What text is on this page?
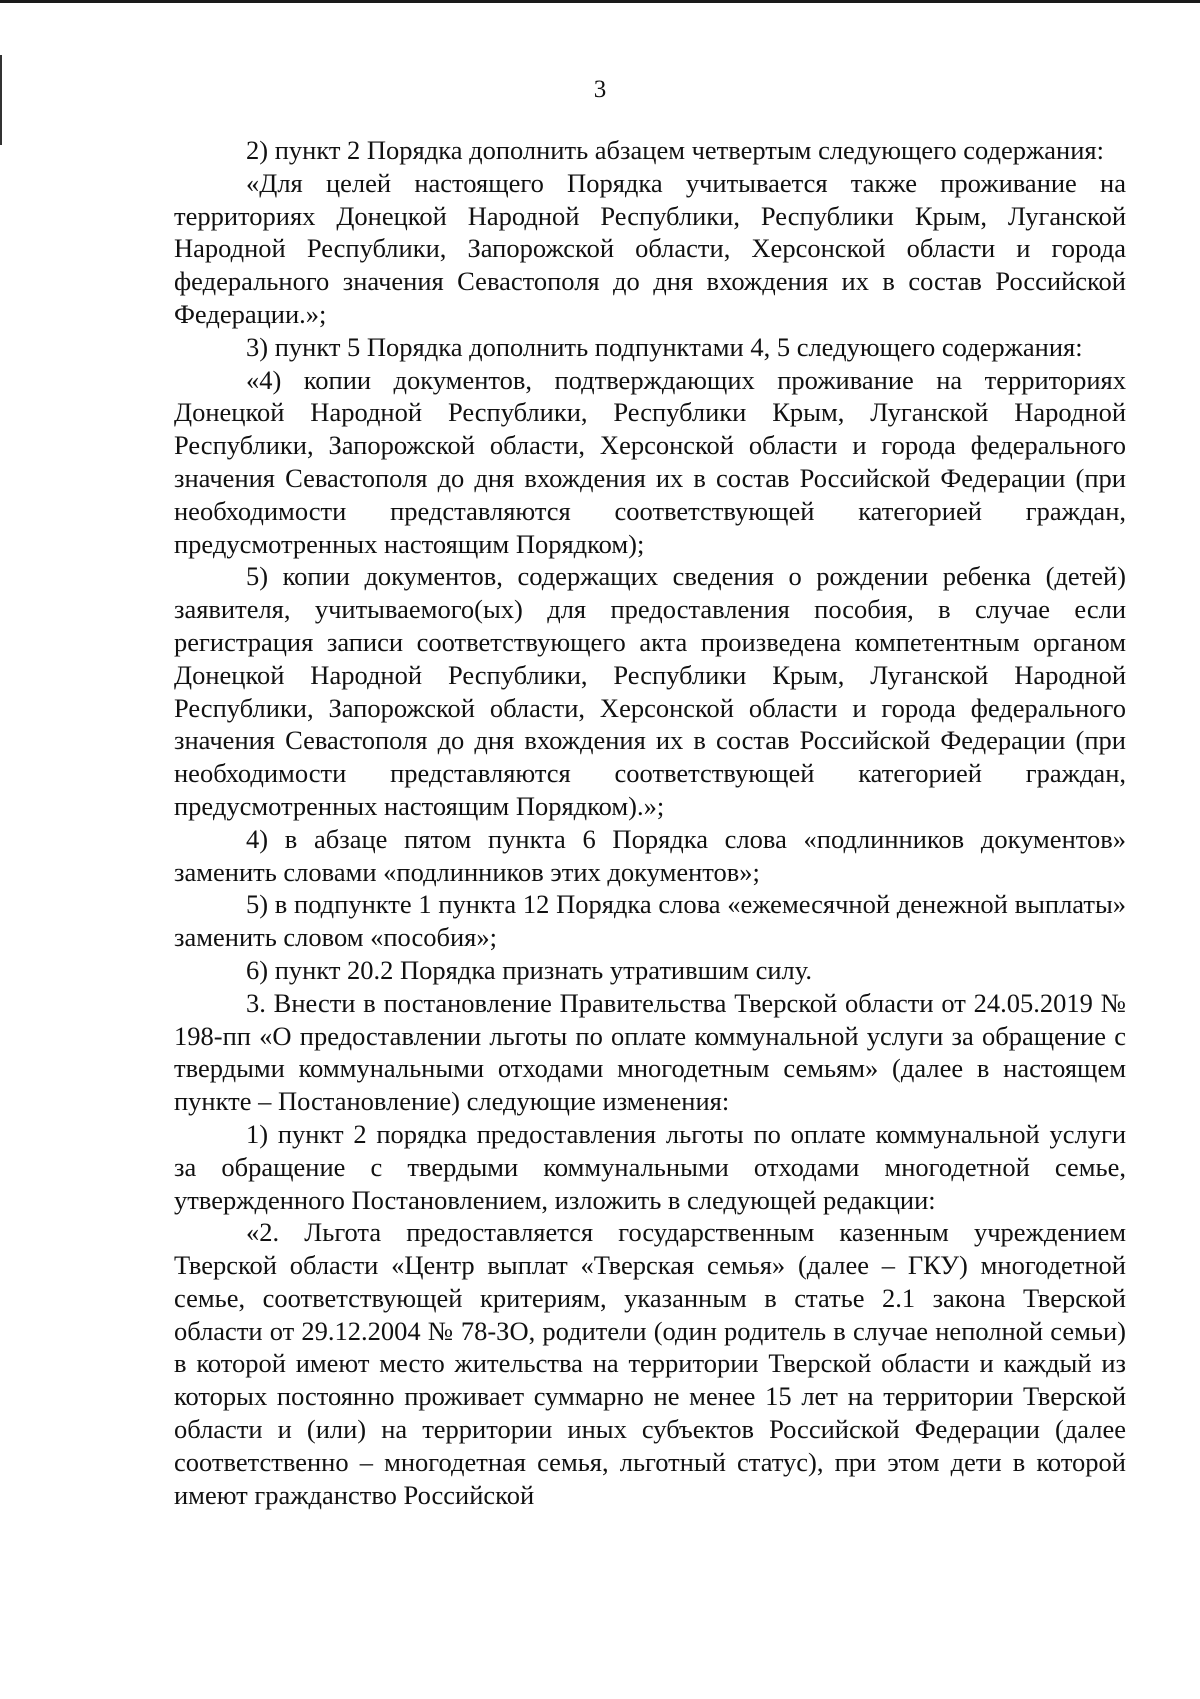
3

2) пункт 2 Порядка дополнить абзацем четвертым следующего содержания:

«Для целей настоящего Порядка учитывается также проживание на территориях Донецкой Народной Республики, Республики Крым, Луганской Народной Республики, Запорожской области, Херсонской области и города федерального значения Севастополя до дня вхождения их в состав Российской Федерации.»;

3) пункт 5 Порядка дополнить подпунктами 4, 5 следующего содержания:

«4) копии документов, подтверждающих проживание на территориях Донецкой Народной Республики, Республики Крым, Луганской Народной Республики, Запорожской области, Херсонской области и города федерального значения Севастополя до дня вхождения их в состав Российской Федерации (при необходимости представляются соответствующей категорией граждан, предусмотренных настоящим Порядком);

5) копии документов, содержащих сведения о рождении ребенка (детей) заявителя, учитываемого(ых) для предоставления пособия, в случае если регистрация записи соответствующего акта произведена компетентным органом Донецкой Народной Республики, Республики Крым, Луганской Народной Республики, Запорожской области, Херсонской области и города федерального значения Севастополя до дня вхождения их в состав Российской Федерации (при необходимости представляются соответствующей категорией граждан, предусмотренных настоящим Порядком).»;

4) в абзаце пятом пункта 6 Порядка слова «подлинников документов» заменить словами «подлинников этих документов»;

5) в подпункте 1 пункта 12 Порядка слова «ежемесячной денежной выплаты» заменить словом «пособия»;

6) пункт 20.2 Порядка признать утратившим силу.

3. Внести в постановление Правительства Тверской области от 24.05.2019 № 198-пп «О предоставлении льготы по оплате коммунальной услуги за обращение с твердыми коммунальными отходами многодетным семьям» (далее в настоящем пункте – Постановление) следующие изменения:

1) пункт 2 порядка предоставления льготы по оплате коммунальной услуги за обращение с твердыми коммунальными отходами многодетной семье, утвержденного Постановлением, изложить в следующей редакции:

«2. Льгота предоставляется государственным казенным учреждением Тверской области «Центр выплат «Тверская семья» (далее – ГКУ) многодетной семье, соответствующей критериям, указанным в статье 2.1 закона Тверской области от 29.12.2004 № 78-ЗО, родители (один родитель в случае неполной семьи) в которой имеют место жительства на территории Тверской области и каждый из которых постоянно проживает суммарно не менее 15 лет на территории Тверской области и (или) на территории иных субъектов Российской Федерации (далее соответственно – многодетная семья, льготный статус), при этом дети в которой имеют гражданство Российской
